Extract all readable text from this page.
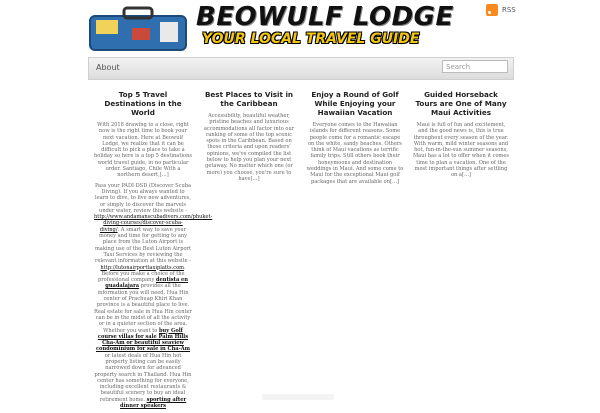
BEOWULF LODGE
YOUR LOCAL TRAVEL GUIDE
RSS
About	Search
Top 5 Travel Destinations in the World

With 2018 drawing to a close, right now is the right time to book your next vacation. Here at Beowulf Lodge, we realize that it can be difficult to pick a place to take a holiday so here is a top 5 destinations world travel guide, in no particular order. Santiago, Chile With a northern desert,[…]

Pass your PADI DSD (Discover Scuba Diving). If you always wanted to learn to dive, to live new adventures, or simply to discover the marvels under water, review this website - http://www.andamanscubadivers.com/phuket-diving-courses/discover-scuba-diving/. A smart way to save your money and time for getting to any place from the Luton Airport is making use of the Best Luton Airport Taxi Services by reviewing the relevant information at this website - http://lutonairporttaxiplatts.com. Before you make a choice of the professional company dentista en guadalajara provides all the information you will need. Hua Hin center of Prachuap Khiri Khan province is a beautiful place to live. Real estate for sale in Hua Hin center can be in the midst of all the activity or in a quieter section of the area. Whether you want to buy Golf course villas for sale Palm Hills Cha-Am or beautiful seaview condominium for sale in Cha-Am or latest deals of Hua Hin hot property listing can be easily narrowed down for advanced property search in Thailand. Hua Hin center has something for everyone, including excellent restaurants & beautiful scenery to buy an ideal retirement home. sporting after dinner speakers

Best Places to Visit in the Caribbean

Accessibility, beautiful weather, pristine beaches and luxurious accommodations all factor into our ranking of some of the top scenic spots in the Caribbean. Based on those criteria and upon readers' opinions, we've compiled the list below to help you plan your next getaway. No matter which one (or more) you choose, you're sure to have[…]

Enjoy a Round of Golf While Enjoying your Hawaiian Vacation

Everyone comes to the Hawaiian islands for different reasons. Some people come for a romantic escape on the white, sandy beaches. Others think of Maui vacations as terrific family trips. Still others book their honeymoons and destination weddings in Maui. And some come to Maui for the exceptional Maui golf packages that are available on[…]

Guided Horseback Tours are One of Many Maui Activities

Maui is full of fun and excitement, and the good news is, this is true throughout every season of the year. With warm, mild winter seasons and hot, fun-in-the-sun summer seasons, Maui has a lot to offer when it comes time to plan a vacation. One of the most important things after settling on a[…]
